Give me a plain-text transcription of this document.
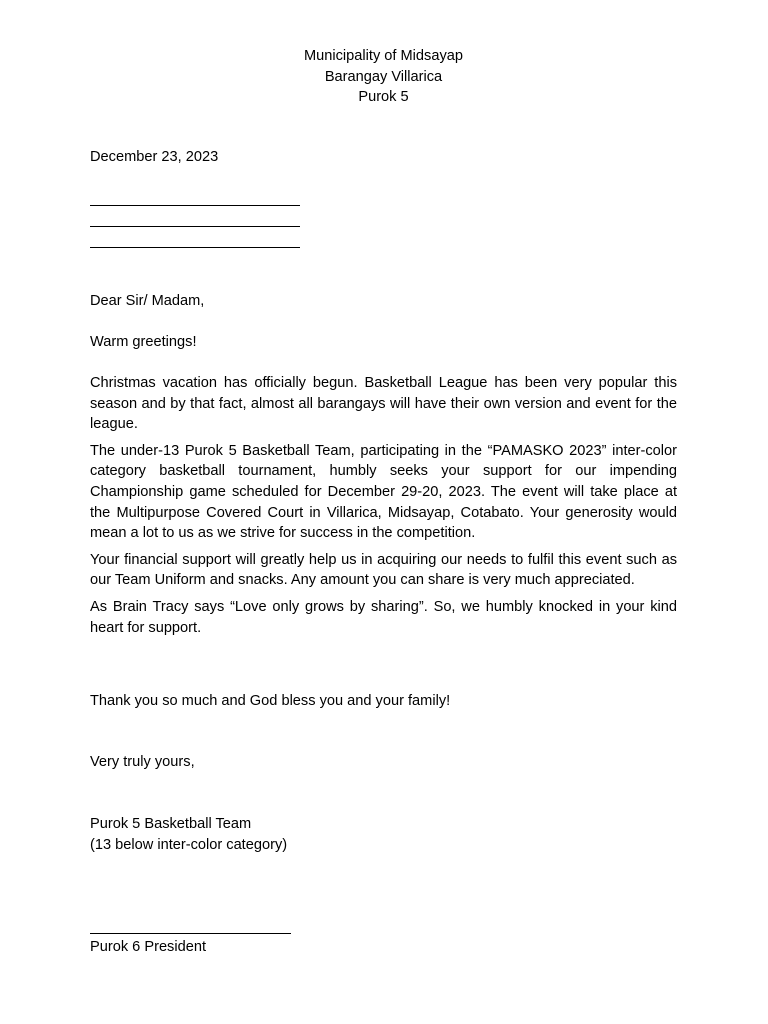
Municipality of Midsayap
Barangay Villarica
Purok 5
December 23, 2023
Dear Sir/ Madam,
Warm greetings!

Christmas vacation has officially begun. Basketball League has been very popular this season and by that fact, almost all barangays will have their own version and event for the league.

The under-13 Purok 5 Basketball Team, participating in the “PAMASKO 2023” inter-color category basketball tournament, humbly seeks your support for our impending Championship game scheduled for December 29-20, 2023. The event will take place at the Multipurpose Covered Court in Villarica, Midsayap, Cotabato. Your generosity would mean a lot to us as we strive for success in the competition.

Your financial support will greatly help us in acquiring our needs to fulfil this event such as our Team Uniform and snacks. Any amount you can share is very much appreciated.

As Brain Tracy says “Love only grows by sharing”. So, we humbly knocked in your kind heart for support.

Thank you so much and God bless you and your family!
Very truly yours,
Purok 5 Basketball Team
(13 below inter-color category)
Purok 6 President
